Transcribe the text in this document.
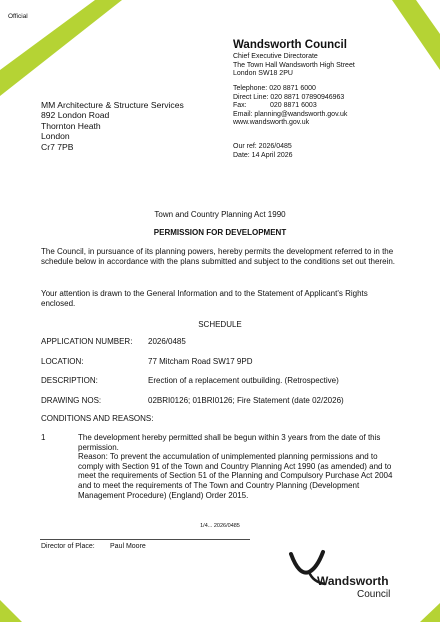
Official
Wandsworth Council
Chief Executive Directorate
The Town Hall Wandsworth High Street
London SW18 2PU
Telephone: 020 8871 6000
Direct Line: 020 8871 07890946963
Fax:	020 8871 6003
Email: planning@wandsworth.gov.uk
www.wandsworth.gov.uk
Our ref: 2026/0485
Date: 14 April 2026
MM Architecture & Structure Services
892 London Road
Thornton Heath
London
Cr7 7PB
Town and Country Planning Act 1990
PERMISSION FOR DEVELOPMENT
The Council, in pursuance of its planning powers, hereby permits the development referred to in the schedule below in accordance with the plans submitted and subject to the conditions set out therein.
Your attention is drawn to the General Information and to the Statement of Applicant's Rights enclosed.
SCHEDULE
APPLICATION NUMBER: 2026/0485
LOCATION:	77 Mitcham Road SW17 9PD
DESCRIPTION:	Erection of a replacement outbuilding. (Retrospective)
DRAWING NOS:	02BRI0126; 01BRI0126; Fire Statement (date 02/2026)
CONDITIONS AND REASONS:
1	The development hereby permitted shall be begun within 3 years from the date of this permission.
Reason: To prevent the accumulation of unimplemented planning permissions and to comply with Section 91 of the Town and Country Planning Act 1990 (as amended) and to meet the requirements of Section 51 of the Planning and Compulsory Purchase Act 2004 and to meet the requirements of The Town and Country Planning (Development Management Procedure) (England) Order 2015.
1/4... 2026/0485
Director of Place: Paul Moore
Wandsworth
Council
